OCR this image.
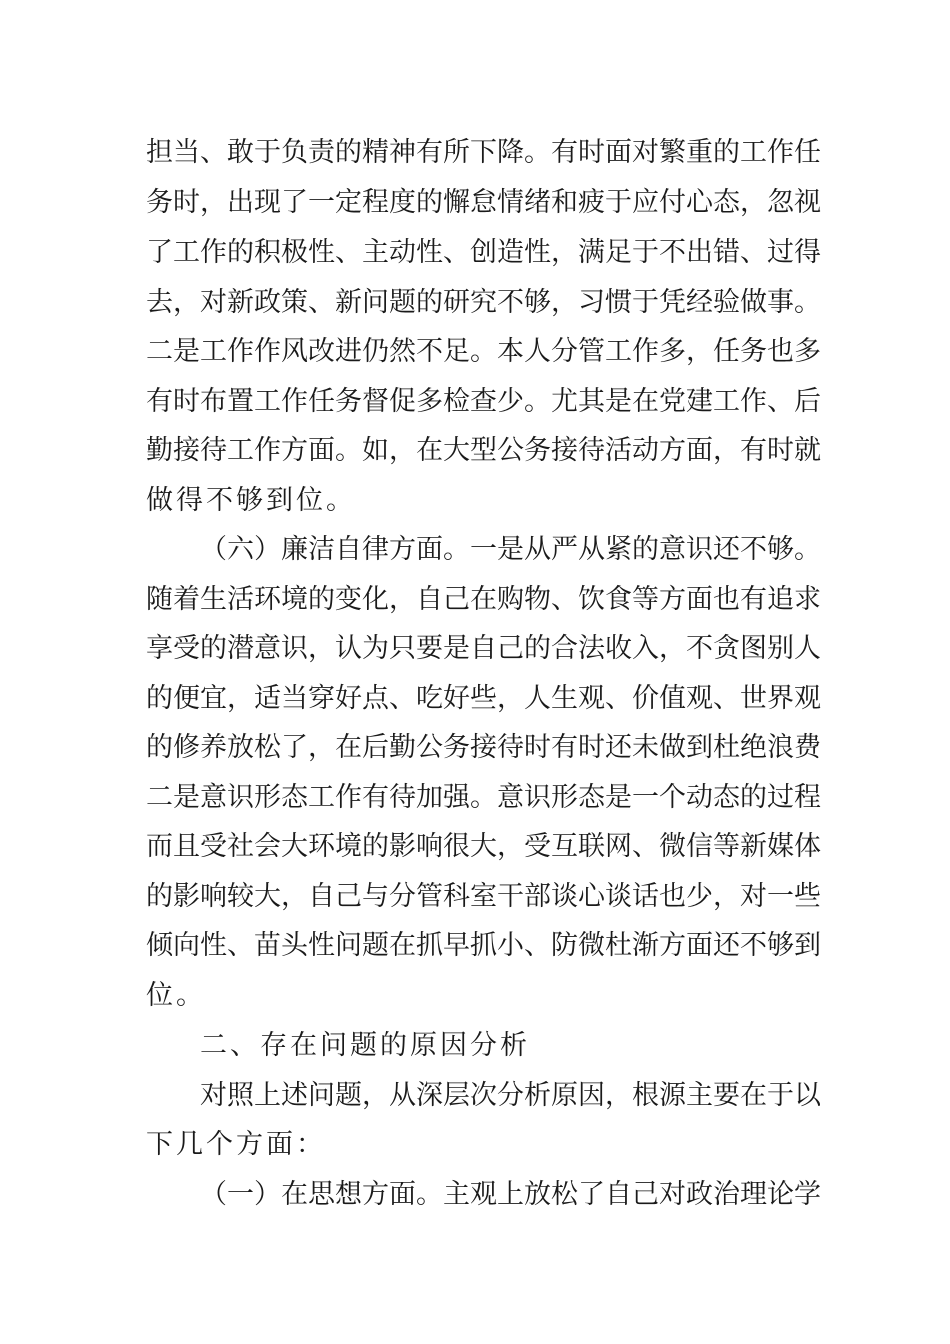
担当、敢于负责的精神有所下降。有时面对繁重的工作任
务时，出现了一定程度的懈怠情绪和疲于应付心态，忽视
了工作的积极性、主动性、创造性，满足于不出错、过得
去，对新政策、新问题的研究不够，习惯于凭经验做事。
二是工作作风改进仍然不足。本人分管工作多，任务也多
有时布置工作任务督促多检查少。尤其是在党建工作、后
勤接待工作方面。如，在大型公务接待活动方面，有时就
做得不够到位。
（六）廉洁自律方面。一是从严从紧的意识还不够。
随着生活环境的变化，自己在购物、饮食等方面也有追求
享受的潜意识，认为只要是自己的合法收入，不贪图别人
的便宜，适当穿好点、吃好些，人生观、价值观、世界观
的修养放松了，在后勤公务接待时有时还未做到杜绝浪费
二是意识形态工作有待加强。意识形态是一个动态的过程
而且受社会大环境的影响很大，受互联网、微信等新媒体
的影响较大，自己与分管科室干部谈心谈话也少，对一些
倾向性、苗头性问题在抓早抓小、防微杜渐方面还不够到
位。
二、存在问题的原因分析
对照上述问题，从深层次分析原因，根源主要在于以
下几个方面：
（一）在思想方面。主观上放松了自己对政治理论学
